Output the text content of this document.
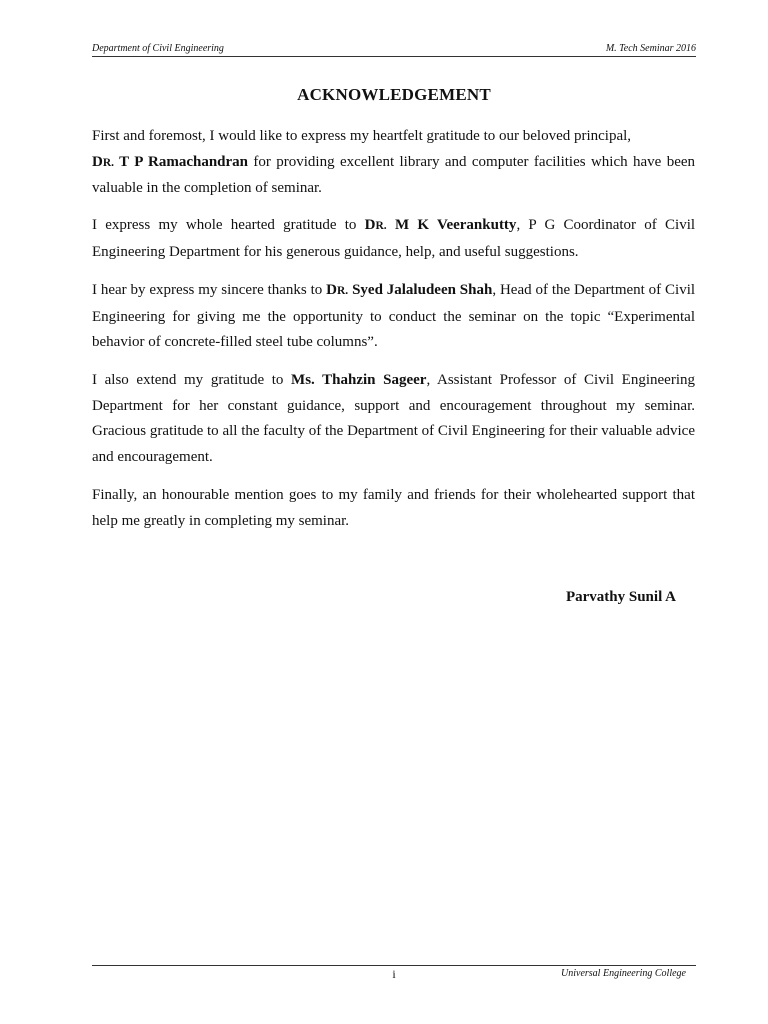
Department of Civil Engineering	M. Tech Seminar 2016
ACKNOWLEDGEMENT
First and foremost, I would like to express my heartfelt gratitude to our beloved principal,
DR. T P Ramachandran for providing excellent library and computer facilities which have been valuable in the completion of seminar.
I express my whole hearted gratitude to DR. M K Veerankutty, P G Coordinator of Civil Engineering Department for his generous guidance, help, and useful suggestions.
I hear by express my sincere thanks to DR. Syed Jalaludeen Shah, Head of the Department of Civil Engineering for giving me the opportunity to conduct the seminar on the topic “Experimental behavior of concrete-filled steel tube columns”.
I also extend my gratitude to Ms. Thahzin Sageer, Assistant Professor of Civil Engineering Department for her constant guidance, support and encouragement throughout my seminar. Gracious gratitude to all the faculty of the Department of Civil Engineering for their valuable advice and encouragement.
Finally, an honourable mention goes to my family and friends for their wholehearted support that help me greatly in completing my seminar.
Parvathy Sunil A
i	Universal Engineering College
